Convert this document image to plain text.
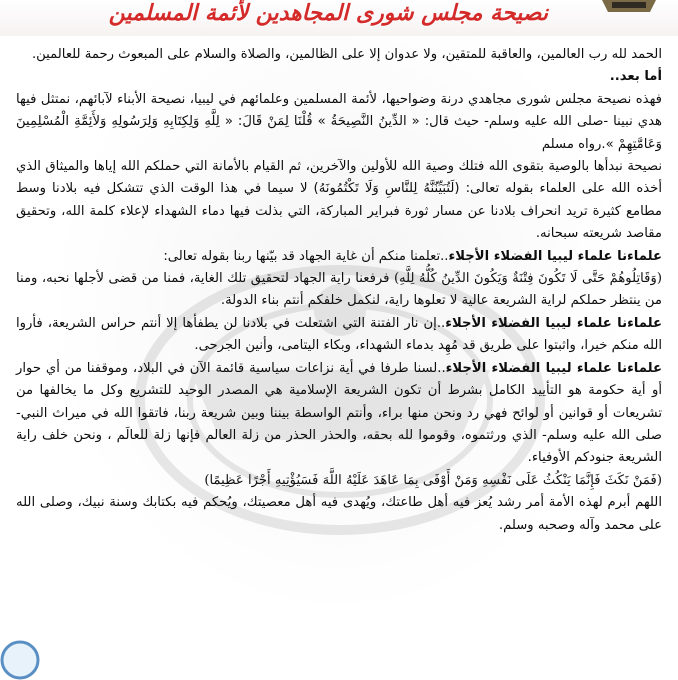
نصيحة مجلس شورى المجاهدين لأئمة المسلمين

الحمد لله رب العالمين، والعاقبة للمتقين، ولا عدوان إلا على الظالمين، والصلاة والسلام على المبعوث رحمة للعالمين.

أما بعد..

فهذه نصيحة مجلس شورى مجاهدي درنة وضواحيها، لأئمة المسلمين وعلمائهم في ليبيا، نصيحة الأبناء لآبائهم، نمتثل فيها هدي نبينا -صلى الله عليه وسلم- حيث قال: « الدِّينُ النَّصِيحَةُ » قُلْنَا لِمَنْ قَالَ: « لِلَّهِ وَلِكِتَابِهِ وَلِرَسُولِهِ وَلأَئِمَّةِ الْمُسْلِمِينَ وَعَامَّتِهِمْ ».رواه مسلم

نصيحة نبدأها بالوصية بتقوى الله فتلك وصية الله للأولين والآخرين، ثم القيام بالأمانة التي حملكم الله إياها والميثاق الذي أخذه الله على العلماء بقوله تعالى: (لَتُبَيِّنُنَّهُ لِلنَّاسِ وَلَا تَكْتُمُونَهُ) لا سيما في هذا الوقت الذي تتشكل فيه بلادنا وسط مطامع كثيرة تريد انحراف بلادنا عن مسار ثورة فبراير المباركة، التي بذلت فيها دماء الشهداء لإعلاء كلمة الله، وتحقيق مقاصد شريعته سبحانه.

علماءنا علماء ليبيا الفضلاء الأجلاء..تعلمنا منكم أن غاية الجهاد قد بيّنها ربنا بقوله تعالى:

(وَقَاتِلُوهُمْ حَتَّى لَا تَكُونَ فِتْنَةٌ وَيَكُونَ الدِّينُ كُلُّهُ لِلَّهِ) فرفعنا راية الجهاد لتحقيق تلك الغاية، فمنا من قضى لأجلها نحبه، ومنا من ينتظر حملكم لراية الشريعة عالية لا تعلوها راية، لنكمل خلفكم أنتم بناء الدولة.

علماءنا علماء ليبيا الفضلاء الأجلاء..إن نار الفتنة التي اشتعلت في بلادنا لن يطفأها إلا أنتم حراس الشريعة، فأروا الله منكم خيرا، واثبتوا على طريق قد مُهِد بدماء الشهداء، وبكاء اليتامى، وأنين الجرحى.

علماءنا علماء ليبيا الفضلاء الأجلاء..لسنا طرفا في أية نزاعات سياسية قائمة الآن في البلاد، وموقفنا من أي حوار أو أية حكومة هو التأييد الكامل بشرط أن تكون الشريعة الإسلامية هي المصدر الوحيد للتشريع وكل ما يخالفها من تشريعات أو قوانين أو لوائح فهي رد ونحن منها براء، وأنتم الواسطة بيننا وبين شريعة ربنا، فاتقوا الله في ميراث النبي- صلى الله عليه وسلم- الذي ورثتموه، وقوموا لله بحقه، والحذر الحذر من زلة العالم فإنها زلة للعالَم ، ونحن خلف راية الشريعة جنودكم الأوفياء.

(فَمَنْ نَكَثَ فَإِنَّمَا يَنْكُثُ عَلَى نَفْسِهِ وَمَنْ أَوْفَى بِمَا عَاهَدَ عَلَيْهُ اللَّهَ فَسَيُؤْتِيهِ أَجْرًا عَظِيمًا)

اللهم أبرم لهذه الأمة أمر رشد يُعز فيه أهل طاعتك، ويُهدى فيه أهل معصيتك، ويُحكم فيه بكتابك وسنة نبيك، وصلى الله على محمد وآله وصحبه وسلم.
